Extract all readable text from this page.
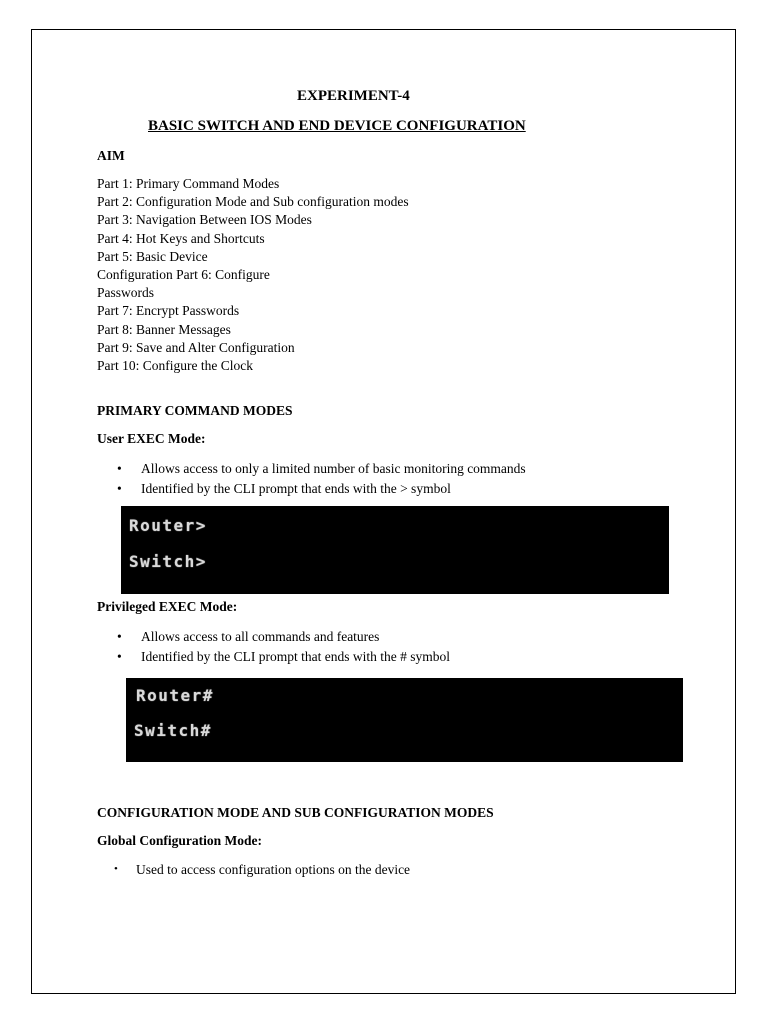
EXPERIMENT-4
BASIC SWITCH AND END DEVICE CONFIGURATION
AIM
Part 1: Primary Command Modes
Part 2: Configuration Mode and Sub configuration modes
Part 3: Navigation Between IOS Modes
Part 4: Hot Keys and Shortcuts
Part 5: Basic Device
Configuration Part 6: Configure
Passwords
Part 7: Encrypt Passwords
Part 8: Banner Messages
Part 9: Save and Alter Configuration
Part 10: Configure the Clock
PRIMARY COMMAND MODES
User EXEC Mode:
• Allows access to only a limited number of basic monitoring commands
• Identified by the CLI prompt that ends with the > symbol
Router>
Switch>
Privileged EXEC Mode:
• Allows access to all commands and features
• Identified by the CLI prompt that ends with the # symbol
Router#
Switch#
CONFIGURATION MODE AND SUB CONFIGURATION MODES
Global Configuration Mode:
• Used to access configuration options on the device
